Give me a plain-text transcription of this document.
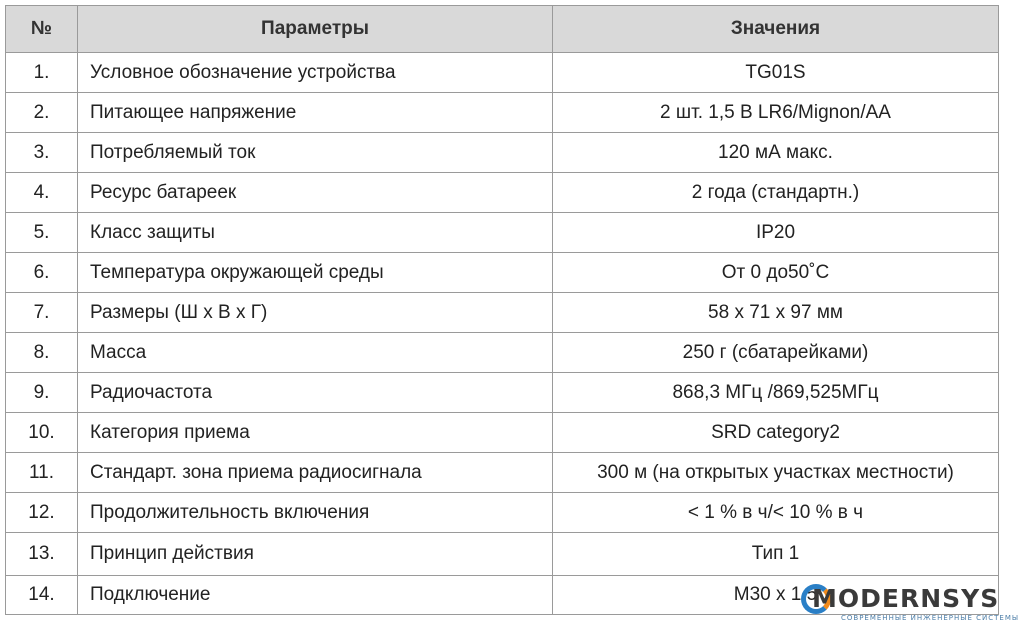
№	Параметры	Значения
1.	Условное обозначение устройства	TG01S
2.	Питающее напряжение	2 шт. 1,5 В LR6/Mignon/AA
3.	Потребляемый ток	120 мА макс.
4.	Ресурс батареек	2 года (стандартн.)
5.	Класс защиты	IP20
6.	Температура окружающей среды	От 0 до50˚C
7.	Размеры (Ш х В х Г)	58 х 71 х 97 мм
8.	Масса	250 г (сбатарейками)
9.	Радиочастота	868,3 МГц /869,525МГц
10.	Категория приема	SRD category2
11.	Стандарт. зона приема радиосигнала	300 м (на открытых участках местности)
12.	Продолжительность включения	< 1 % в ч/< 10 % в ч
13.	Принцип действия	Тип 1
14.	Подключение	М30 х 1,5
MODERNSYS
СОВРЕМЕННЫЕ ИНЖЕНЕРНЫЕ СИСТЕМЫ
